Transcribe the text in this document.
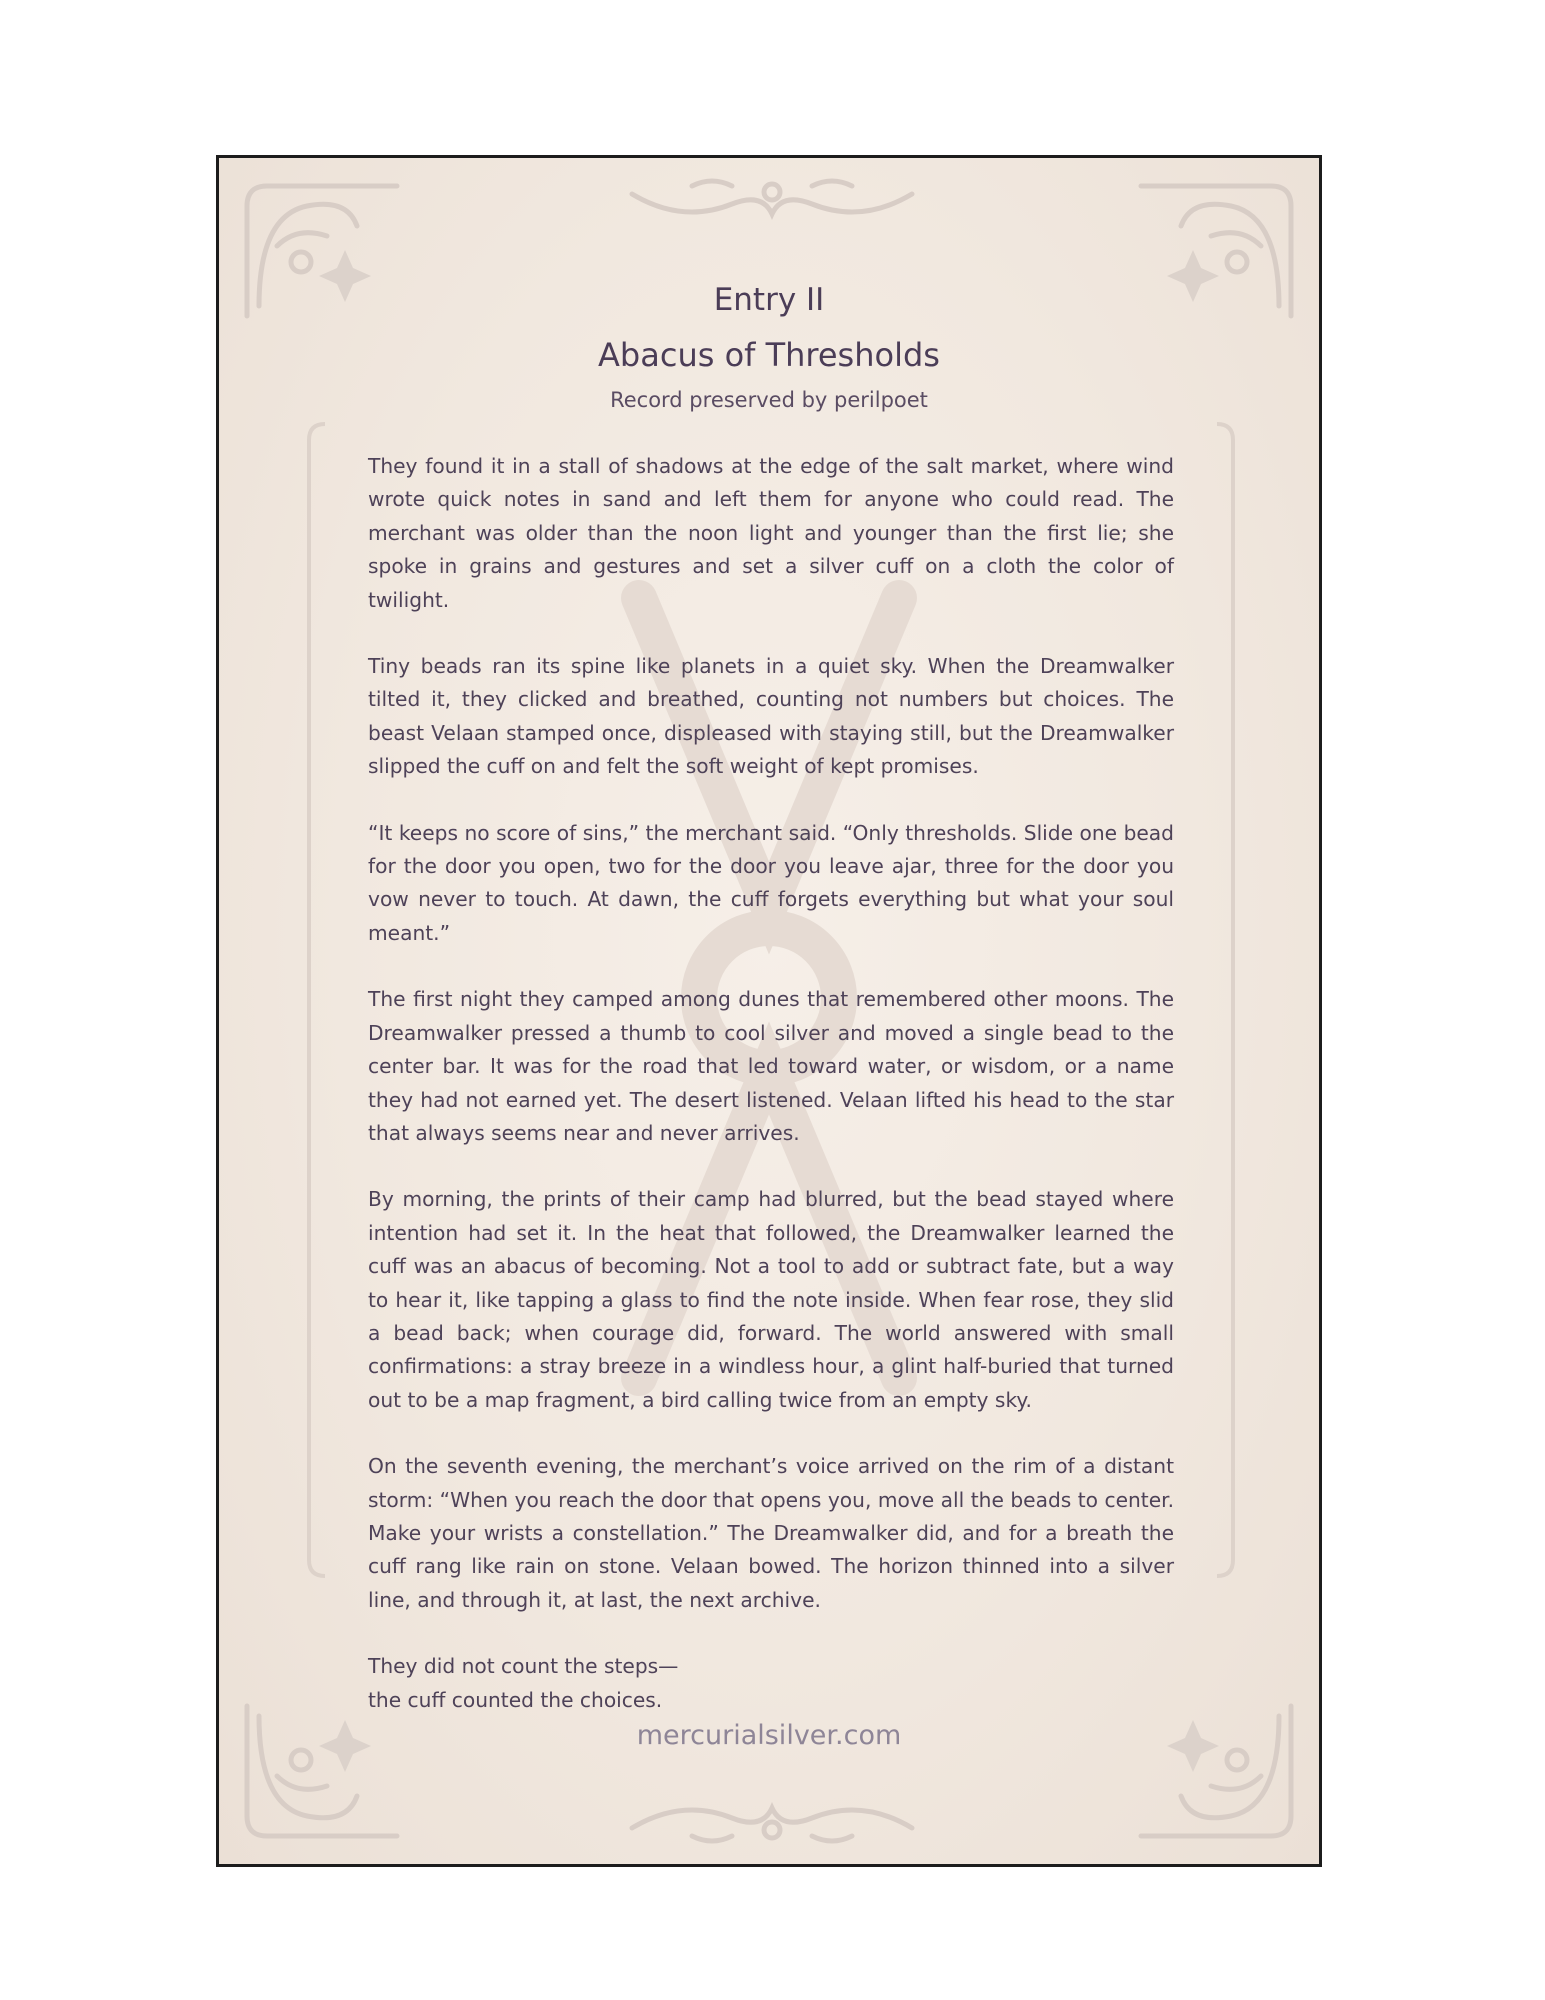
Entry II
Abacus of Thresholds
Record preserved by perilpoet

They found it in a stall of shadows at the edge of the salt market, where wind wrote quick notes in sand and left them for anyone who could read. The merchant was older than the noon light and younger than the first lie; she spoke in grains and gestures and set a silver cuff on a cloth the color of twilight.

Tiny beads ran its spine like planets in a quiet sky. When the Dreamwalker tilted it, they clicked and breathed, counting not numbers but choices. The beast Velaan stamped once, displeased with staying still, but the Dreamwalker slipped the cuff on and felt the soft weight of kept promises.

“It keeps no score of sins,” the merchant said. “Only thresholds. Slide one bead for the door you open, two for the door you leave ajar, three for the door you vow never to touch. At dawn, the cuff forgets everything but what your soul meant.”

The first night they camped among dunes that remembered other moons. The Dreamwalker pressed a thumb to cool silver and moved a single bead to the center bar. It was for the road that led toward water, or wisdom, or a name they had not earned yet. The desert listened. Velaan lifted his head to the star that always seems near and never arrives.

By morning, the prints of their camp had blurred, but the bead stayed where intention had set it. In the heat that followed, the Dreamwalker learned the cuff was an abacus of becoming. Not a tool to add or subtract fate, but a way to hear it, like tapping a glass to find the note inside. When fear rose, they slid a bead back; when courage did, forward. The world answered with small confirmations: a stray breeze in a windless hour, a glint half-buried that turned out to be a map fragment, a bird calling twice from an empty sky.

On the seventh evening, the merchant’s voice arrived on the rim of a distant storm: “When you reach the door that opens you, move all the beads to center. Make your wrists a constellation.” The Dreamwalker did, and for a breath the cuff rang like rain on stone. Velaan bowed. The horizon thinned into a silver line, and through it, at last, the next archive.

They did not count the steps—
the cuff counted the choices.
mercurialsilver.com
